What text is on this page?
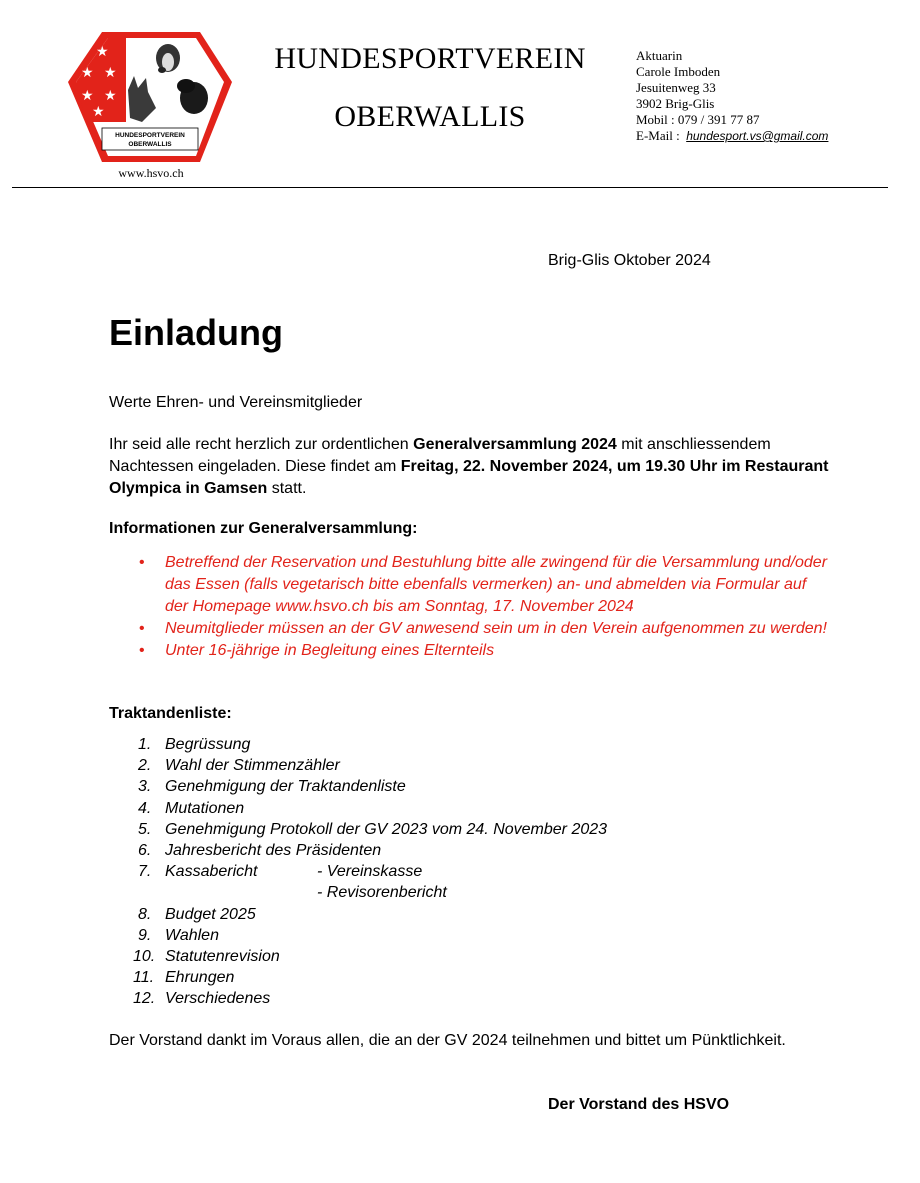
★
★ ★
★ ★
★
HUNDESPORTVEREIN
OBERWALLIS
www.hsvo.ch
HUNDESPORTVEREIN
OBERWALLIS
Aktuarin
Carole Imboden
Jesuitenweg 33
3902 Brig-Glis
Mobil : 079 / 391 77 87
E-Mail : hundesport.vs@gmail.com
Brig-Glis Oktober 2024
Einladung
Werte Ehren- und Vereinsmitglieder

Ihr seid alle recht herzlich zur ordentlichen Generalversammlung 2024 mit anschliessendem Nachtessen eingeladen. Diese findet am Freitag, 22. November 2024, um 19.30 Uhr im Restaurant Olympica in Gamsen statt.

Informationen zur Generalversammlung:
• Betreffend der Reservation und Bestuhlung bitte alle zwingend für die Versammlung und/oder das Essen (falls vegetarisch bitte ebenfalls vermerken) an- und abmelden via Formular auf der Homepage www.hsvo.ch bis am Sonntag, 17. November 2024
• Neumitglieder müssen an der GV anwesend sein um in den Verein aufgenommen zu werden!
• Unter 16-jährige in Begleitung eines Elternteils
Traktandenliste:
1. Begrüssung
2. Wahl der Stimmenzähler
3. Genehmigung der Traktandenliste
4. Mutationen
5. Genehmigung Protokoll der GV 2023 vom 24. November 2023
6. Jahresbericht des Präsidenten
7. Kassabericht	- Vereinskasse
- Revisorenbericht
8. Budget 2025
9. Wahlen
10. Statutenrevision
11. Ehrungen
12. Verschiedenes
Der Vorstand dankt im Voraus allen, die an der GV 2024 teilnehmen und bittet um Pünktlichkeit.
Der Vorstand des HSVO
